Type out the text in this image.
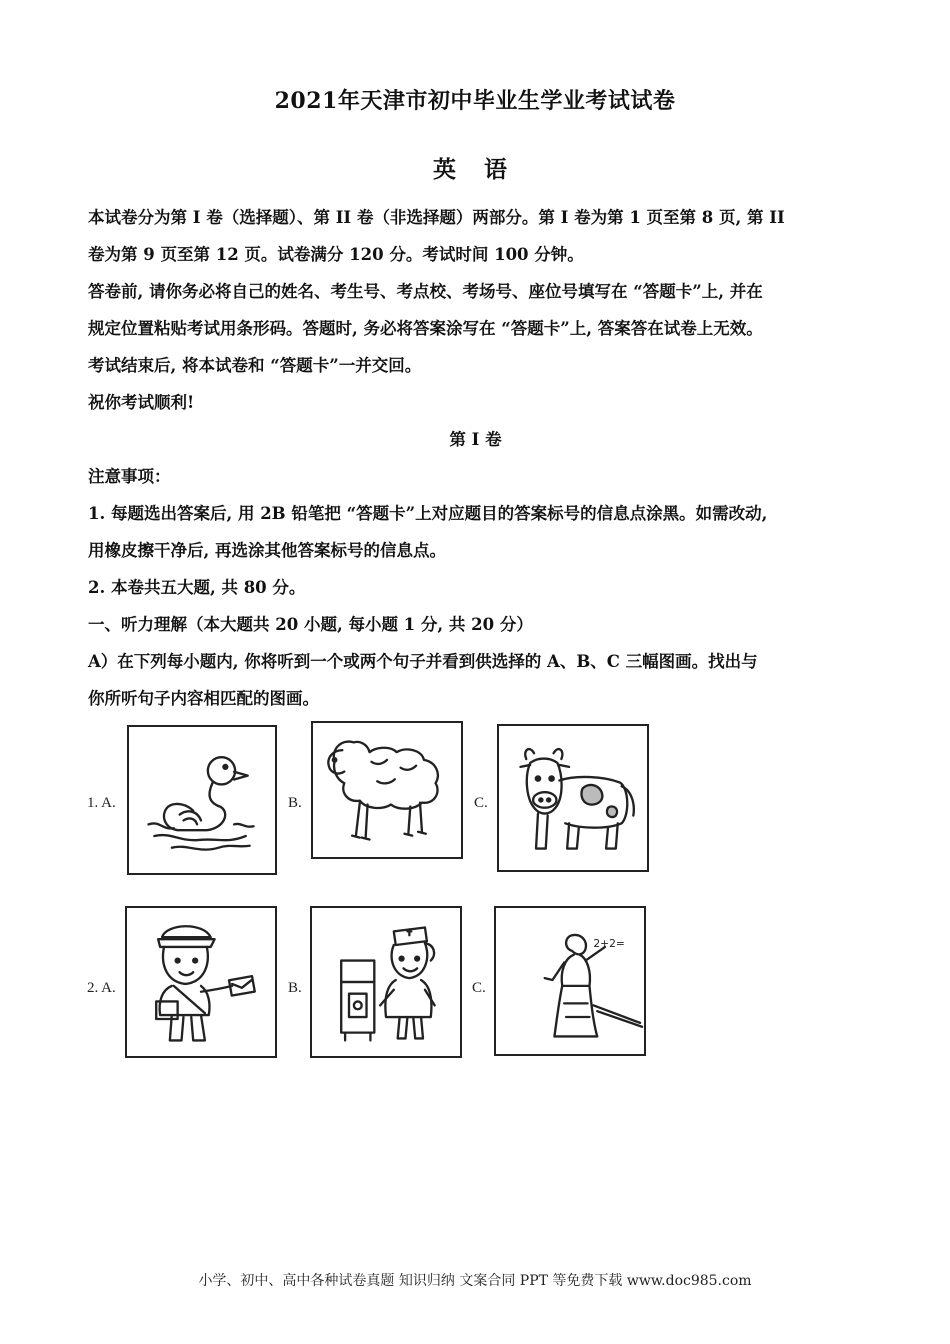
2021年天津市初中毕业生学业考试试卷
英 语
本试卷分为第 I 卷（选择题）、第 II 卷（非选择题）两部分。第 I 卷为第 1 页至第 8 页, 第 II
卷为第 9 页至第 12 页。试卷满分 120 分。考试时间 100 分钟。
答卷前, 请你务必将自己的姓名、考生号、考点校、考场号、座位号填写在 “答题卡”上, 并在
规定位置粘贴考试用条形码。答题时, 务必将答案涂写在 “答题卡”上, 答案答在试卷上无效。
考试结束后, 将本试卷和 “答题卡”一并交回。
祝你考试顺利!
第 I 卷
注意事项：
1. 每题选出答案后, 用 2B 铅笔把 “答题卡”上对应题目的答案标号的信息点涂黑。如需改动,
用橡皮擦干净后, 再选涂其他答案标号的信息点。
2. 本卷共五大题, 共 80 分。
一、听力理解（本大题共 20 小题, 每小题 1 分, 共 20 分）
A）在下列每小题内, 你将听到一个或两个句子并看到供选择的 A、B、C 三幅图画。找出与
你所听句子内容相匹配的图画。
1. A.	B.	C.
2. A.	B.	C.
2+2=
小学、初中、高中各种试卷真题 知识归纳 文案合同 PPT 等免费下载 www.doc985.com
